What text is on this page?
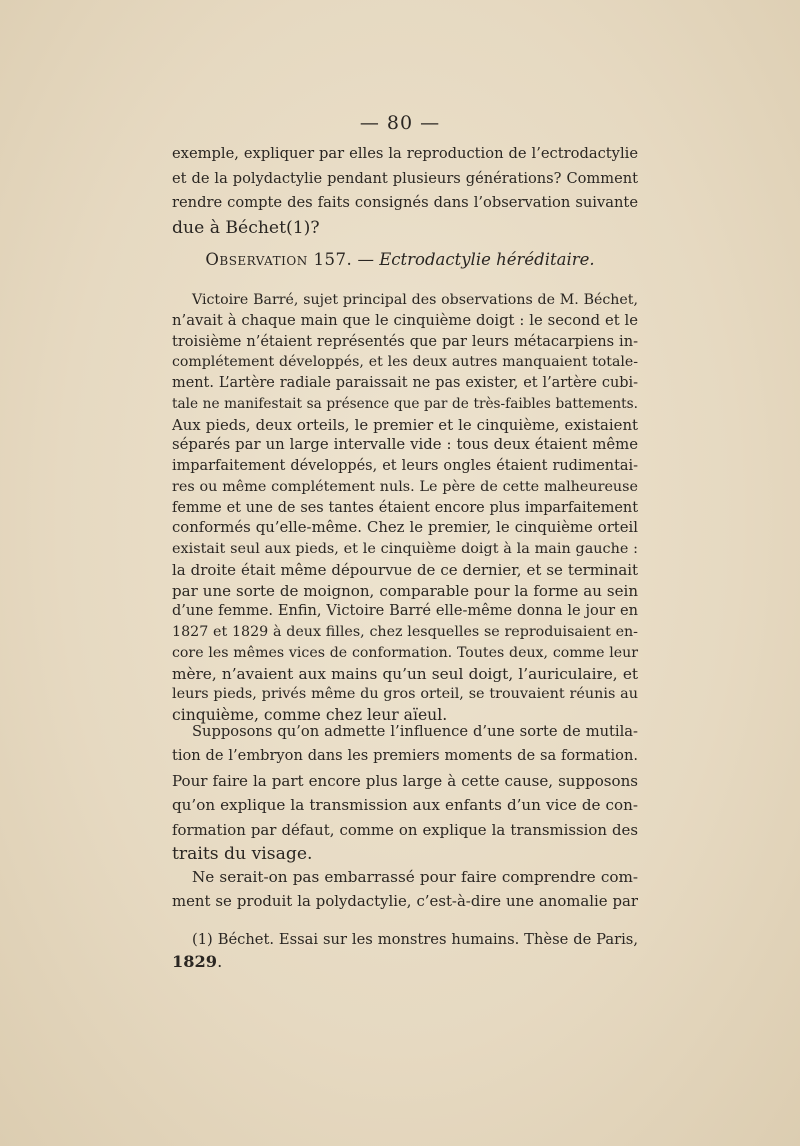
— 80 —
exemple, expliquer par elles la reproduction de l’ectrodactylie
et de la polydactylie pendant plusieurs générations? Comment
rendre compte des faits consignés dans l’observation suivante
due à Béchet(1)?
Observation 157. — Ectrodactylie héréditaire.
Victoire Barré, sujet principal des observations de M. Béchet,
n’avait à chaque main que le cinquième doigt : le second et le
troisième n’étaient représentés que par leurs métacarpiens in-
complétement développés, et les deux autres manquaient totale-
ment. L’artère radiale paraissait ne pas exister, et l’artère cubi-
tale ne manifestait sa présence que par de très-faibles battements.
Aux pieds, deux orteils, le premier et le cinquième, existaient
séparés par un large intervalle vide : tous deux étaient même
imparfaitement développés, et leurs ongles étaient rudimentai-
res ou même complétement nuls. Le père de cette malheureuse
femme et une de ses tantes étaient encore plus imparfaitement
conformés qu’elle-même. Chez le premier, le cinquième orteil
existait seul aux pieds, et le cinquième doigt à la main gauche :
la droite était même dépourvue de ce dernier, et se terminait
par une sorte de moignon, comparable pour la forme au sein
d’une femme. Enfin, Victoire Barré elle-même donna le jour en
1827 et 1829 à deux filles, chez lesquelles se reproduisaient en-
core les mêmes vices de conformation. Toutes deux, comme leur
mère, n’avaient aux mains qu’un seul doigt, l’auriculaire, et
leurs pieds, privés même du gros orteil, se trouvaient réunis au
cinquième, comme chez leur aïeul.
Supposons qu’on admette l’influence d’une sorte de mutila-
tion de l’embryon dans les premiers moments de sa formation.
Pour faire la part encore plus large à cette cause, supposons
qu’on explique la transmission aux enfants d’un vice de con-
formation par défaut, comme on explique la transmission des
traits du visage.
Ne serait-on pas embarrassé pour faire comprendre com-
ment se produit la polydactylie, c’est-à-dire une anomalie par
(1) Béchet. Essai sur les monstres humains. Thèse de Paris,
1829.
